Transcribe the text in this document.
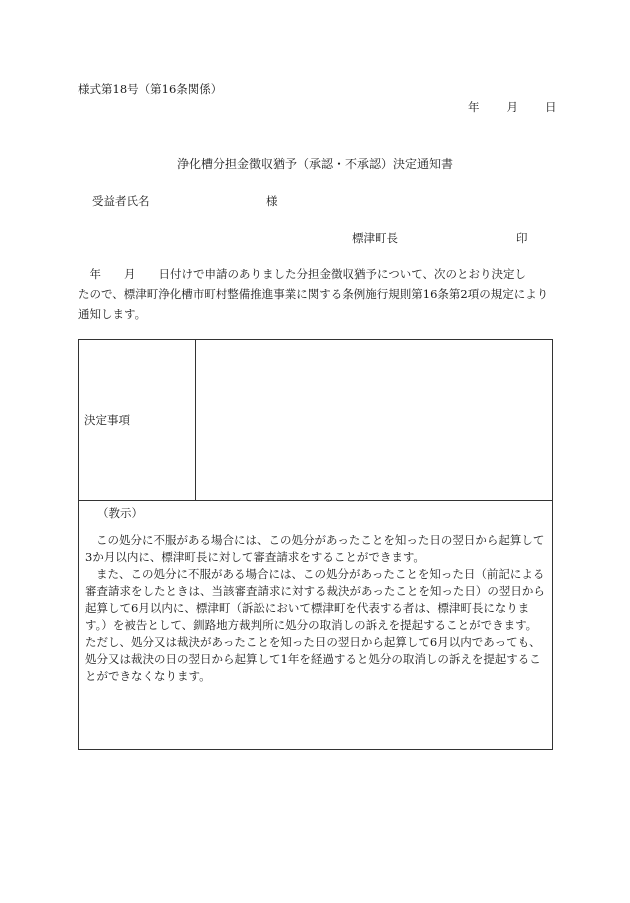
様式第18号（第16条関係）
年 月 日
浄化槽分担金徴収猶予（承認・不承認）決定通知書
受益者氏名	様
標津町長	印

　年　　月　　日付けで申請のありました分担金徴収猶予について、次のとおり決定し

たので、標津町浄化槽市町村整備推進事業に関する条例施行規則第16条第2項の規定により

通知します。

決定事項	

（教示）

この処分に不服がある場合には、この処分があったことを知った日の翌日から起算して3か月以内に、標津町長に対して審査請求をすることができます。

また、この処分に不服がある場合には、この処分があったことを知った日（前記による審査請求をしたときは、当該審査請求に対する裁決があったことを知った日）の翌日から起算して6月以内に、標津町（訴訟において標津町を代表する者は、標津町長になります。）を被告として、釧路地方裁判所に処分の取消しの訴えを提起することができます。ただし、処分又は裁決があったことを知った日の翌日から起算して6月以内であっても、処分又は裁決の日の翌日から起算して1年を経過すると処分の取消しの訴えを提起することができなくなります。
